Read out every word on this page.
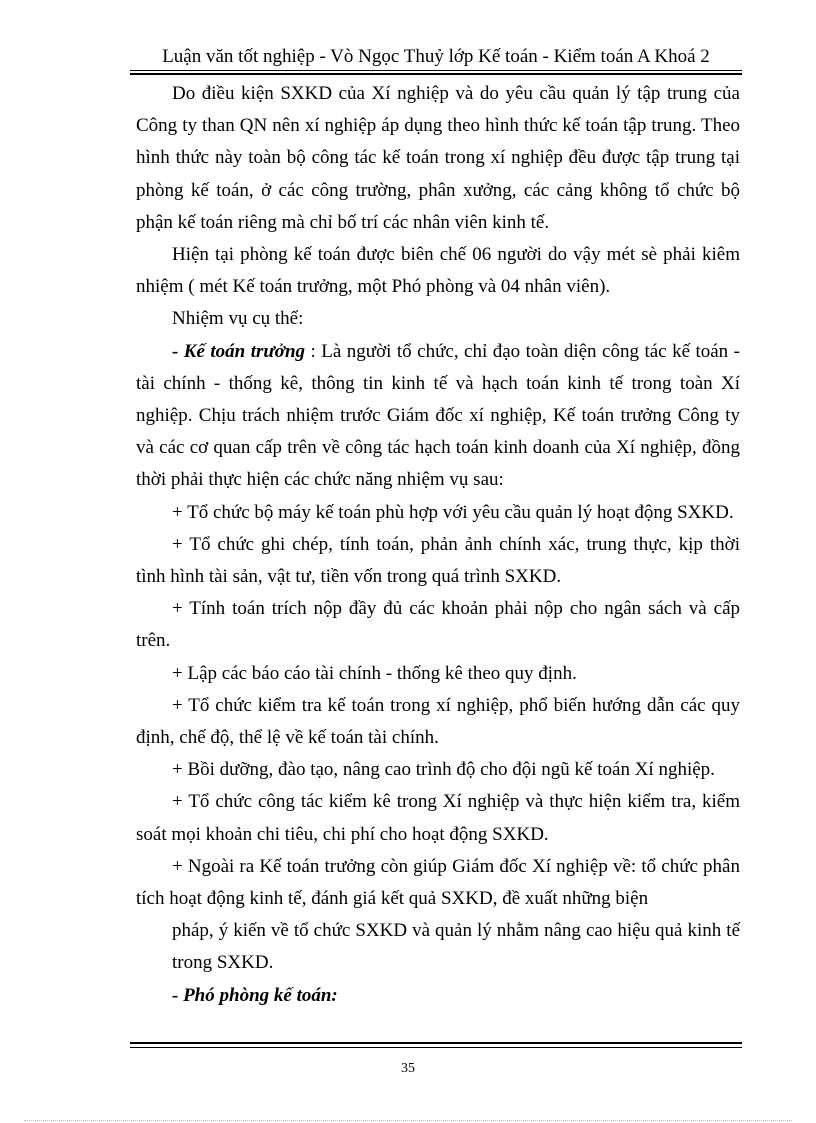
Luận văn tốt nghiệp - Vò Ngọc Thuỷ lớp Kế toán - Kiểm toán A Khoá 2

Do điều kiện SXKD của Xí nghiệp và do yêu cầu quản lý tập trung của Công ty than QN nên xí nghiệp áp dụng theo hình thức kế toán tập trung. Theo hình thức này toàn bộ công tác kế toán trong xí nghiệp đều được tập trung tại phòng kế toán, ở các công trường, phân xưởng, các cảng không tổ chức bộ phận kế toán riêng mà chỉ bố trí các nhân viên kinh tế.

Hiện tại phòng kế toán được biên chế 06 người do vậy mét sè phải kiêm nhiệm ( mét Kế toán trưởng, một Phó phòng và 04 nhân viên).

Nhiệm vụ cụ thể:

- Kế toán trưởng : Là người tổ chức, chỉ đạo toàn diện công tác kế toán - tài chính - thống kê, thông tin kinh tế và hạch toán kinh tế trong toàn Xí nghiệp. Chịu trách nhiệm trước Giám đốc xí nghiệp, Kế toán trưởng Công ty và các cơ quan cấp trên về công tác hạch toán kinh doanh của Xí nghiệp, đồng thời phải thực hiện các chức năng nhiệm vụ sau:

+ Tổ chức bộ máy kế toán phù hợp với yêu cầu quản lý hoạt động SXKD.

+ Tổ chức ghi chép, tính toán, phản ảnh chính xác, trung thực, kịp thời tình hình tài sản, vật tư, tiền vốn trong quá trình SXKD.

+ Tính toán trích nộp đầy đủ các khoản phải nộp cho ngân sách và cấp trên.

+ Lập các báo cáo tài chính - thống kê theo quy định.

+ Tổ chức kiểm tra kế toán trong xí nghiệp, phổ biến hướng dẫn các quy định, chế độ, thể lệ về kế toán tài chính.

+ Bồi dưỡng, đào tạo, nâng cao trình độ cho đội ngũ kế toán Xí nghiệp.

+ Tổ chức công tác kiểm kê trong Xí nghiệp và thực hiện kiểm tra, kiểm soát mọi khoản chi tiêu, chi phí cho hoạt động SXKD.

+ Ngoài ra Kế toán trưởng còn giúp Giám đốc Xí nghiệp về: tổ chức phân tích hoạt động kinh tế, đánh giá kết quả SXKD, đề xuất những biện

pháp, ý kiến về tổ chức SXKD và quản lý nhằm nâng cao hiệu quả kinh tế trong SXKD.

- Phó phòng kế toán:

35
